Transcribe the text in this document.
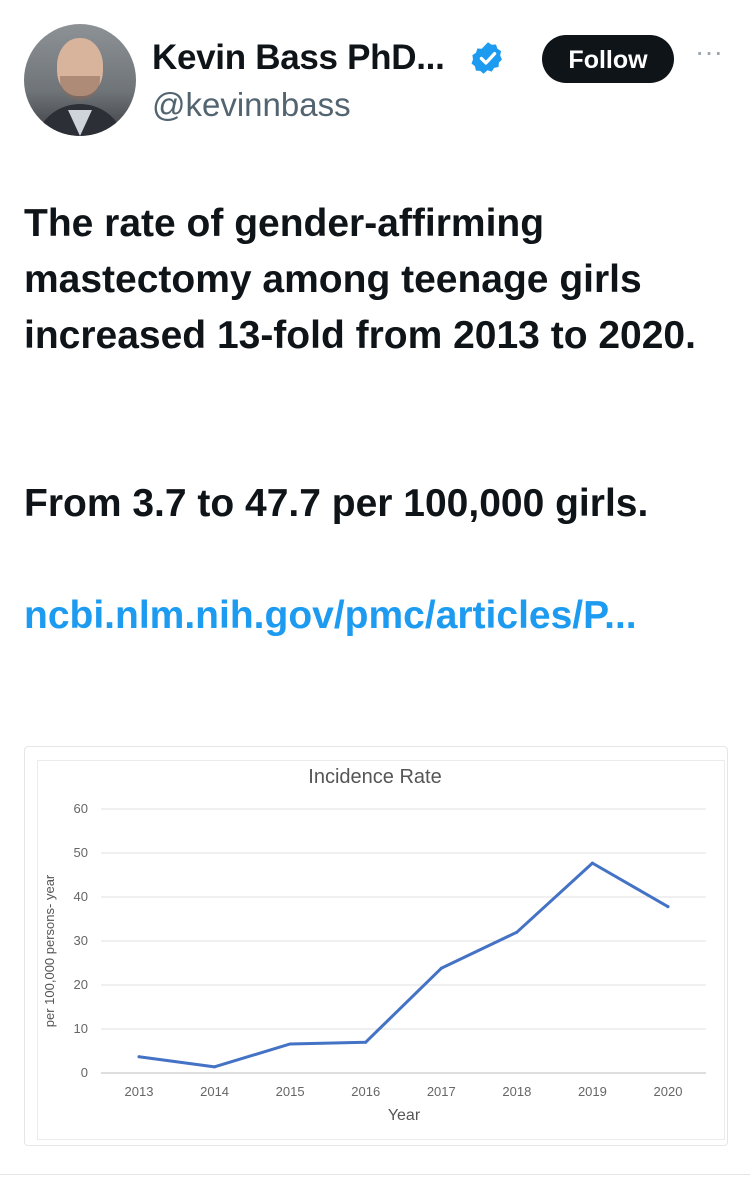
Kevin Bass PhD...
@kevinnbass
Follow	···
The rate of gender-affirming mastectomy among teenage girls increased 13-fold from 2013 to 2020.
From 3.7 to 47.7 per 100,000 girls.
ncbi.nlm.nih.gov/pmc/articles/P...
Incidence Rate
Year
per 100,000 persons- year
0
10
20
30
40
50
60
2013	2014	2015	2016	2017	2018	2019	2020
